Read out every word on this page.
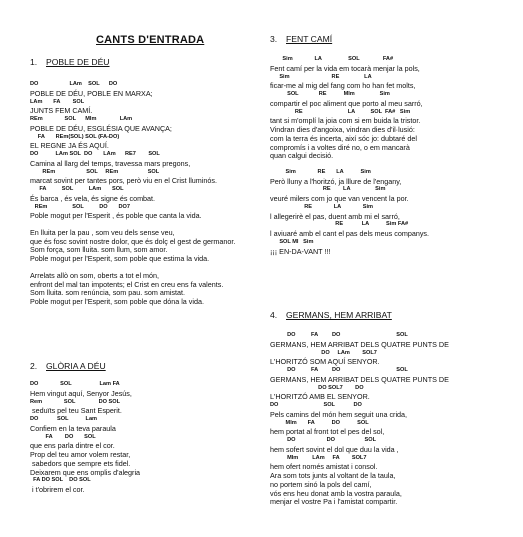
CANTS D'ENTRADA
1. POBLE DE DÉU
DO                    LAm    SOL      DO
POBLE DE DÉU, POBLE EN MARXA;
LAm       FA        SOL
JUNTS FEM CAMÍ.
REm              SOL      MIm               LAm
POBLE DE DÉU, ESGLÉSIA QUE AVANÇA;
FA       REm(SOL) SOL (FA-DO)
EL REGNE JA ÉS AQUÍ.
DO           LAm SOL  DO       LAm      RE7        SOL
Camina al llarg del temps, travessa mars pregons,
REm                    SOL     REm                   SOL
marcat sovint per tantes pors, però viu en el Crist lluminós.
FA          SOL          LAm       SOL
És barca , és vela, és signe és combat.
REm                SOL          DO       DO7
Poble mogut per l'Esperit , és poble que canta la vida.
En lluita per la pau , som veu dels sense veu,
que és fosc sovint nostre dolor, que és dolç el gest de germanor.
Som força, som lluita. som llum, som amor.
Poble mogut per l'Esperit, som poble que estima la vida.
Arrelats allò on som, oberts a tot el món,
enfront del mal tan impotents; el Crist en creu ens fa valents.
Som lluita. som renúncia, som pau. som amistat.
Poble mogut per l'Esperit, som poble que dóna la vida.
2. GLÒRIA A DÉU
DO              SOL                  Lam FA
Hem vingut aquí, Senyor Jesús,
Rem              SOL               DO SOL
seduïts pel teu Sant Esperit.
DO            SOL           Lam
Confiem en la teva paraula
FA        DO       SOL
que ens parla dintre el cor.
Prop del teu amor volem restar,
sabedors que sempre ets fidel.
Deixarem que ens omplis d'alegria
FA DO SOL    DO SOL
i t'obrirem el cor.
3. FENT CAMÍ
Sim              LA                 SOL               FA#
Fent camí per la vida em tocarà menjar la pols,
Sim                           RE                LA
ficar-me al mig del fang com ho han fet molts,
SOL             RE           MIm                Sim
compartir el poc aliment que porto al meu sarró,
RE                             LA          SOL  FA#   Sim
tant si m'omplí la joia com si em buida la tristor.
Vindran dies d'angoixa, vindran dies d'il·lusió:
com la terra és incerta, així sóc jo: dubtaré del
compromís i a voltes diré no, o em mancarà
quan calgui decisió.
Sim              RE       LA           Sim
Però lluny a l'horitzó, ja lllure de l'engany,
RE        LA                Sim
veuré milers com jo que van vencent la por.
RE              LA              Sim
l allegerirè el pas, duent amb mi el sarró,
RE            LA           Sim FA#
l aviuaré amb el cant el pas dels meus companys.
SOL MI   Sim
¡¡¡ EN-DA-VANT !!!
4. GERMANS, HEM ARRIBAT
DO          FA         DO                                    SOL
GERMANS, HEM ARRIBAT DELS QUATRE PUNTS DE
DO     LAm        SOL7
L'HORITZÓ SOM AQUÍ SENYOR.
DO          FA         DO                                    SOL
GERMANS, HEM ARRIBAT DELS QUATRE PUNTS DE
DO SOL7        DO
L'HORITZÓ AMB EL SENYOR.
DO                             SOL            DO
Pels camins del món hem seguit una crida,
MIm       FA           DO           SOL
hem portat al front tot el pes del sol,
DO                    DO                   SOL
hem sofert sovint el dol que duu la vida ,
MIm         LAm     FA        SOL7
hem ofert només amistat i consol.
Ara som tots junts al voltant de la taula,
no portem sinó la pols del camí,
vós ens heu donat amb la vostra paraula,
menjar el vostre Pa i l'amistat compartir.
